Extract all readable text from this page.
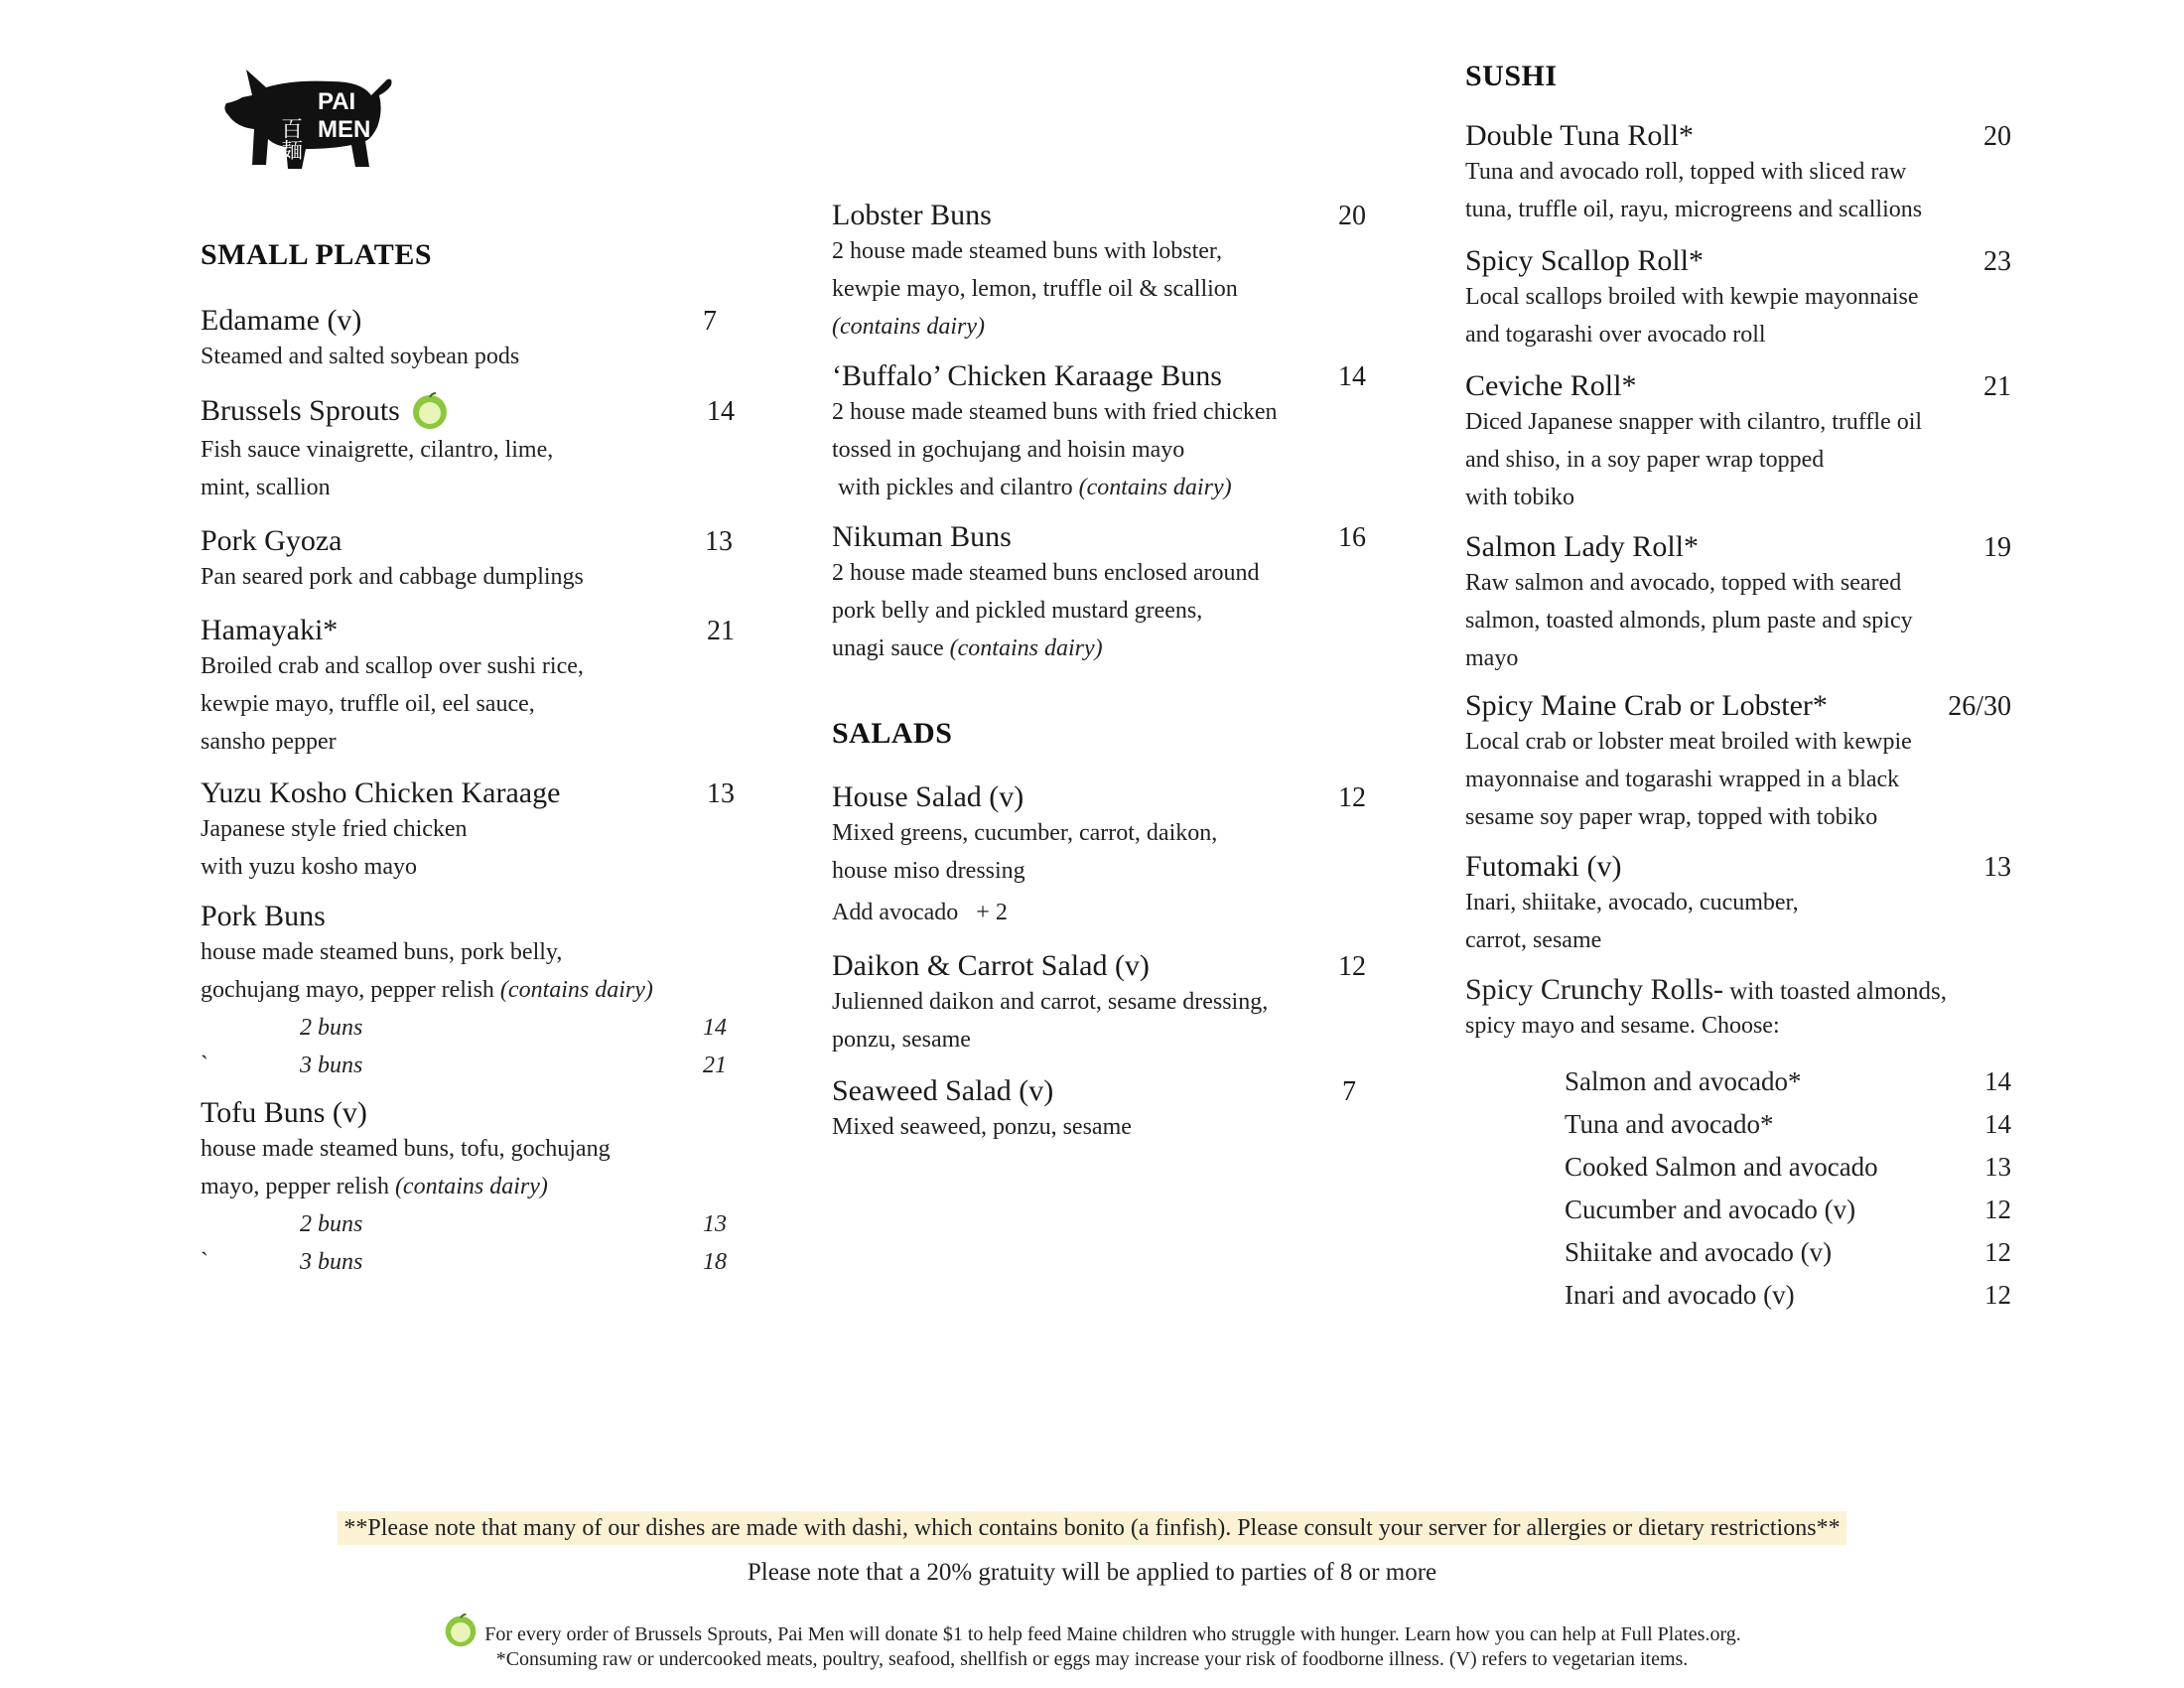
百麺
PAI
MEN
SMALL PLATES
Edamame (v)	7
Steamed and salted soybean pods
Brussels Sprouts	14
Fish sauce vinaigrette, cilantro, lime,
mint, scallion
Pork Gyoza	13
Pan seared pork and cabbage dumplings
Hamayaki*	21
Broiled crab and scallop over sushi rice,
kewpie mayo, truffle oil, eel sauce,
sansho pepper
Yuzu Kosho Chicken Karaage	13
Japanese style fried chicken
with yuzu kosho mayo
Pork Buns
house made steamed buns, pork belly,
gochujang mayo, pepper relish (contains dairy)
2 buns	14
`	3 buns	21
Tofu Buns (v)
house made steamed buns, tofu, gochujang
mayo, pepper relish (contains dairy)
2 buns	13
`	3 buns	18
Lobster Buns	20
2 house made steamed buns with lobster,
kewpie mayo, lemon, truffle oil & scallion
(contains dairy)
‘Buffalo’ Chicken Karaage Buns	14
2 house made steamed buns with fried chicken
tossed in gochujang and hoisin mayo
with pickles and cilantro (contains dairy)
Nikuman Buns	16
2 house made steamed buns enclosed around
pork belly and pickled mustard greens,
unagi sauce (contains dairy)
SALADS
House Salad (v)	12
Mixed greens, cucumber, carrot, daikon,
house miso dressing
Add avocado   + 2
Daikon & Carrot Salad (v)	12
Julienned daikon and carrot, sesame dressing,
ponzu, sesame
Seaweed Salad (v)	7
Mixed seaweed, ponzu, sesame
SUSHI
Double Tuna Roll*	20
Tuna and avocado roll, topped with sliced raw
tuna, truffle oil, rayu, microgreens and scallions
Spicy Scallop Roll*	23
Local scallops broiled with kewpie mayonnaise
and togarashi over avocado roll
Ceviche Roll*	21
Diced Japanese snapper with cilantro, truffle oil
and shiso, in a soy paper wrap topped
with tobiko
Salmon Lady Roll*	19
Raw salmon and avocado, topped with seared
salmon, toasted almonds, plum paste and spicy
mayo
Spicy Maine Crab or Lobster*	26/30
Local crab or lobster meat broiled with kewpie
mayonnaise and togarashi wrapped in a black
sesame soy paper wrap, topped with tobiko
Futomaki (v)	13
Inari, shiitake, avocado, cucumber,
carrot, sesame
Spicy Crunchy Rolls- with toasted almonds,
spicy mayo and sesame. Choose:
Salmon and avocado*	14
Tuna and avocado*	14
Cooked Salmon and avocado	13
Cucumber and avocado (v)	12
Shiitake and avocado (v)	12
Inari and avocado (v)	12
**Please note that many of our dishes are made with dashi, which contains bonito (a finfish). Please consult your server for allergies or dietary restrictions**
Please note that a 20% gratuity will be applied to parties of 8 or more
For every order of Brussels Sprouts, Pai Men will donate $1 to help feed Maine children who struggle with hunger. Learn how you can help at Full Plates.org.
*Consuming raw or undercooked meats, poultry, seafood, shellfish or eggs may increase your risk of foodborne illness. (V) refers to vegetarian items.
